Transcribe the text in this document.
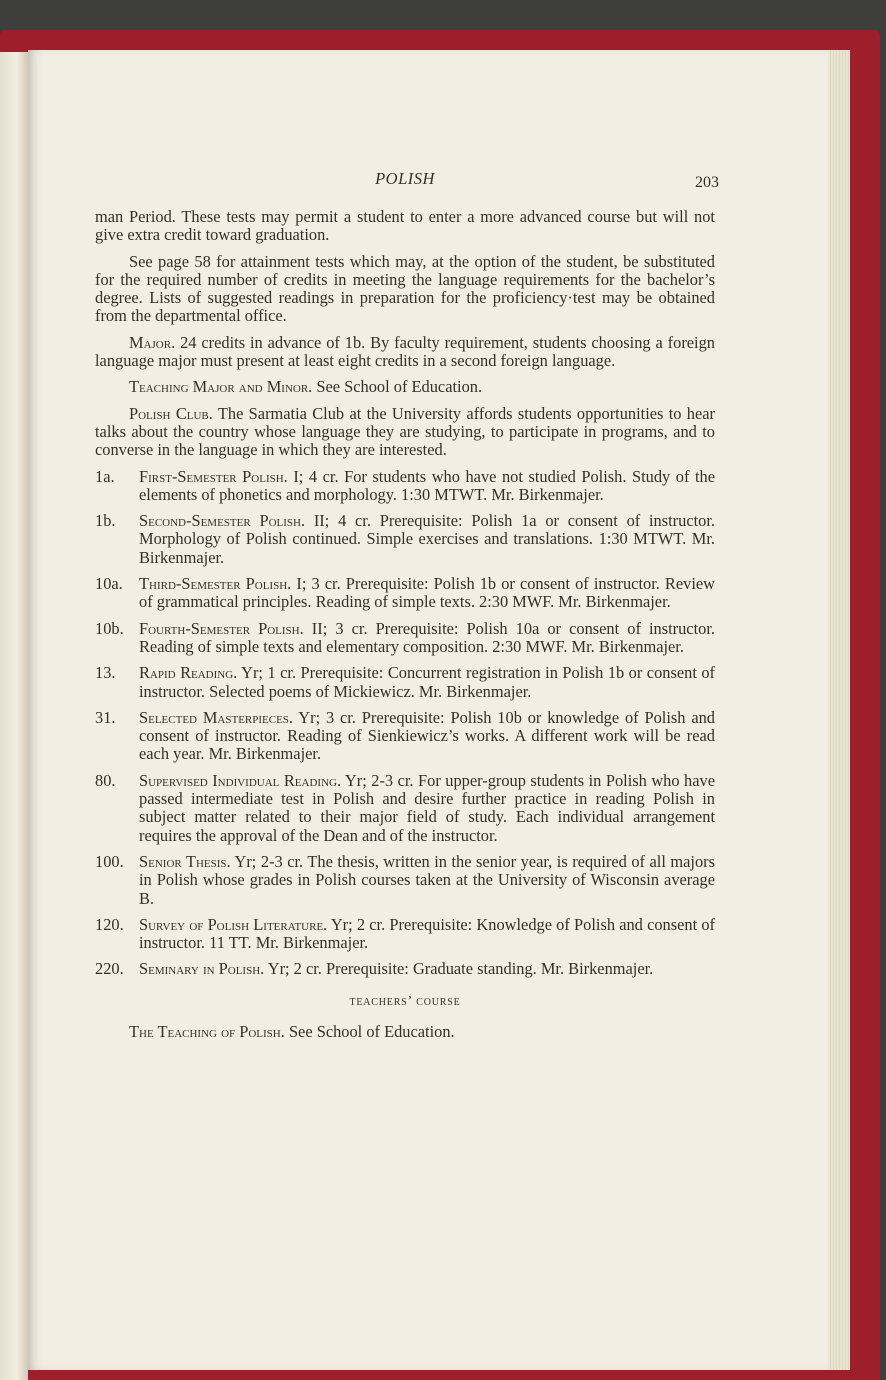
POLISH	203

man Period. These tests may permit a student to enter a more advanced course but will not give extra credit toward graduation.

See page 58 for attainment tests which may, at the option of the student, be substituted for the required number of credits in meeting the language requirements for the bachelor’s degree. Lists of suggested readings in preparation for the proficiency·test may be obtained from the departmental office.

Major. 24 credits in advance of 1b. By faculty requirement, students choosing a foreign language major must present at least eight credits in a second foreign language.

Teaching Major and Minor. See School of Education.

Polish Club. The Sarmatia Club at the University affords students opportunities to hear talks about the country whose language they are studying, to participate in programs, and to converse in the language in which they are interested.

1a.	First-Semester Polish. I; 4 cr. For students who have not studied Polish. Study of the elements of phonetics and morphology. 1:30 MTWT. Mr. Birkenmajer.
1b.	Second-Semester Polish. II; 4 cr. Prerequisite: Polish 1a or consent of instructor. Morphology of Polish continued. Simple exercises and translations. 1:30 MTWT. Mr. Birkenmajer.
10a. Third-Semester Polish. I; 3 cr. Prerequisite: Polish 1b or consent of instructor. Review of grammatical principles. Reading of simple texts. 2:30 MWF. Mr. Birkenmajer.
10b. Fourth-Semester Polish. II; 3 cr. Prerequisite: Polish 10a or consent of instructor. Reading of simple texts and elementary composition. 2:30 MWF. Mr. Birkenmajer.
13.	Rapid Reading. Yr; 1 cr. Prerequisite: Concurrent registration in Polish 1b or consent of instructor. Selected poems of Mickiewicz. Mr. Birkenmajer.
31.	Selected Masterpieces. Yr; 3 cr. Prerequisite: Polish 10b or knowledge of Polish and consent of instructor. Reading of Sienkiewicz’s works. A different work will be read each year. Mr. Birkenmajer.
80.	Supervised Individual Reading. Yr; 2-3 cr. For upper-group students in Polish who have passed intermediate test in Polish and desire further practice in reading Polish in subject matter related to their major field of study. Each individual arrangement requires the approval of the Dean and of the instructor.
100. Senior Thesis. Yr; 2-3 cr. The thesis, written in the senior year, is required of all majors in Polish whose grades in Polish courses taken at the University of Wisconsin average B.
120. Survey of Polish Literature. Yr; 2 cr. Prerequisite: Knowledge of Polish and consent of instructor. 11 TT. Mr. Birkenmajer.
220. Seminary in Polish. Yr; 2 cr. Prerequisite: Graduate standing. Mr. Birkenmajer.
teachers’ course

The Teaching of Polish. See School of Education.
